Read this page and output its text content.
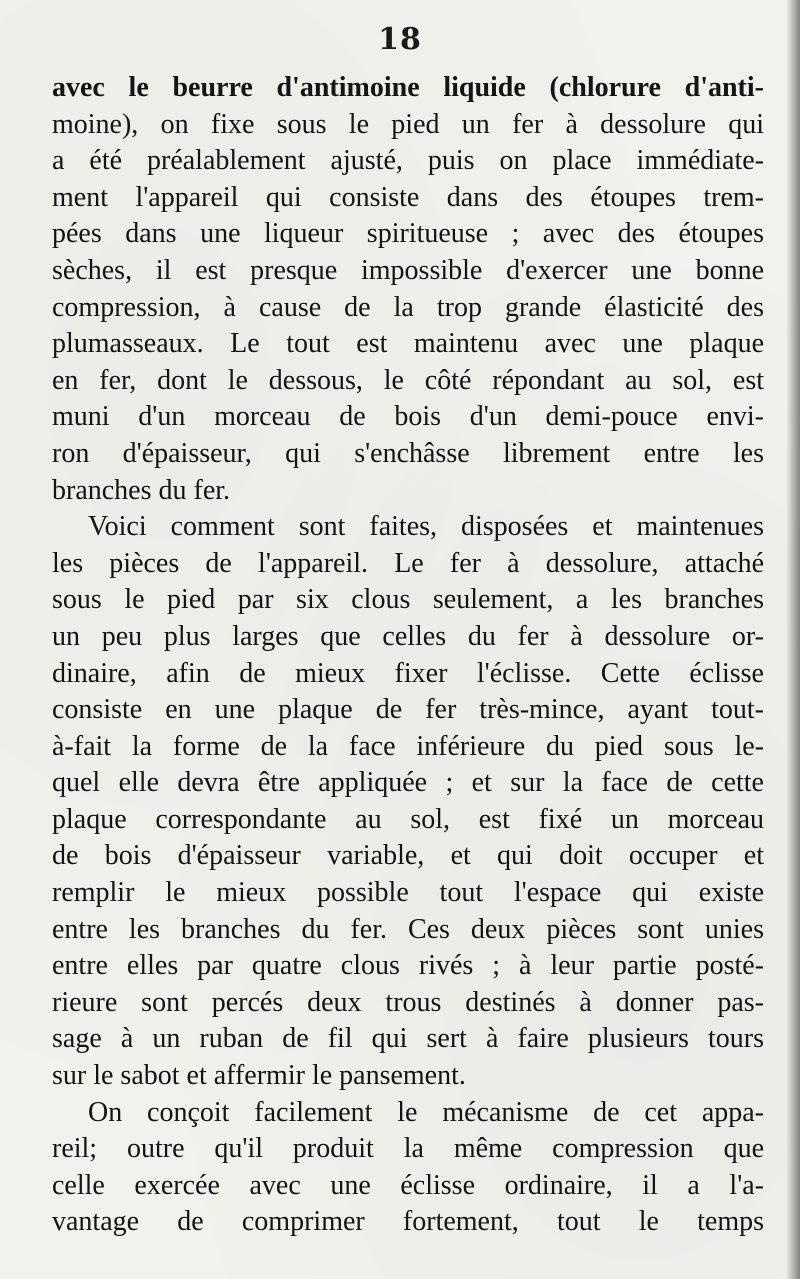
18
avec le beurre d'antimoine liquide (chlorure d'anti-
moine), on fixe sous le pied un fer à dessolure qui
a été préalablement ajusté, puis on place immédiate-
ment l'appareil qui consiste dans des étoupes trem-
pées dans une liqueur spiritueuse ; avec des étoupes
sèches, il est presque impossible d'exercer une bonne
compression, à cause de la trop grande élasticité des
plumasseaux. Le tout est maintenu avec une plaque
en fer, dont le dessous, le côté répondant au sol, est
muni d'un morceau de bois d'un demi-pouce envi-
ron d'épaisseur, qui s'enchâsse librement entre les
branches du fer.
Voici comment sont faites, disposées et maintenues
les pièces de l'appareil. Le fer à dessolure, attaché
sous le pied par six clous seulement, a les branches
un peu plus larges que celles du fer à dessolure or-
dinaire, afin de mieux fixer l'éclisse. Cette éclisse
consiste en une plaque de fer très-mince, ayant tout-
à-fait la forme de la face inférieure du pied sous le-
quel elle devra être appliquée ; et sur la face de cette
plaque correspondante au sol, est fixé un morceau
de bois d'épaisseur variable, et qui doit occuper et
remplir le mieux possible tout l'espace qui existe
entre les branches du fer. Ces deux pièces sont unies
entre elles par quatre clous rivés ; à leur partie posté-
rieure sont percés deux trous destinés à donner pas-
sage à un ruban de fil qui sert à faire plusieurs tours
sur le sabot et affermir le pansement.
On conçoit facilement le mécanisme de cet appa-
reil; outre qu'il produit la même compression que
celle exercée avec une éclisse ordinaire, il a l'a-
vantage de comprimer fortement, tout le temps
